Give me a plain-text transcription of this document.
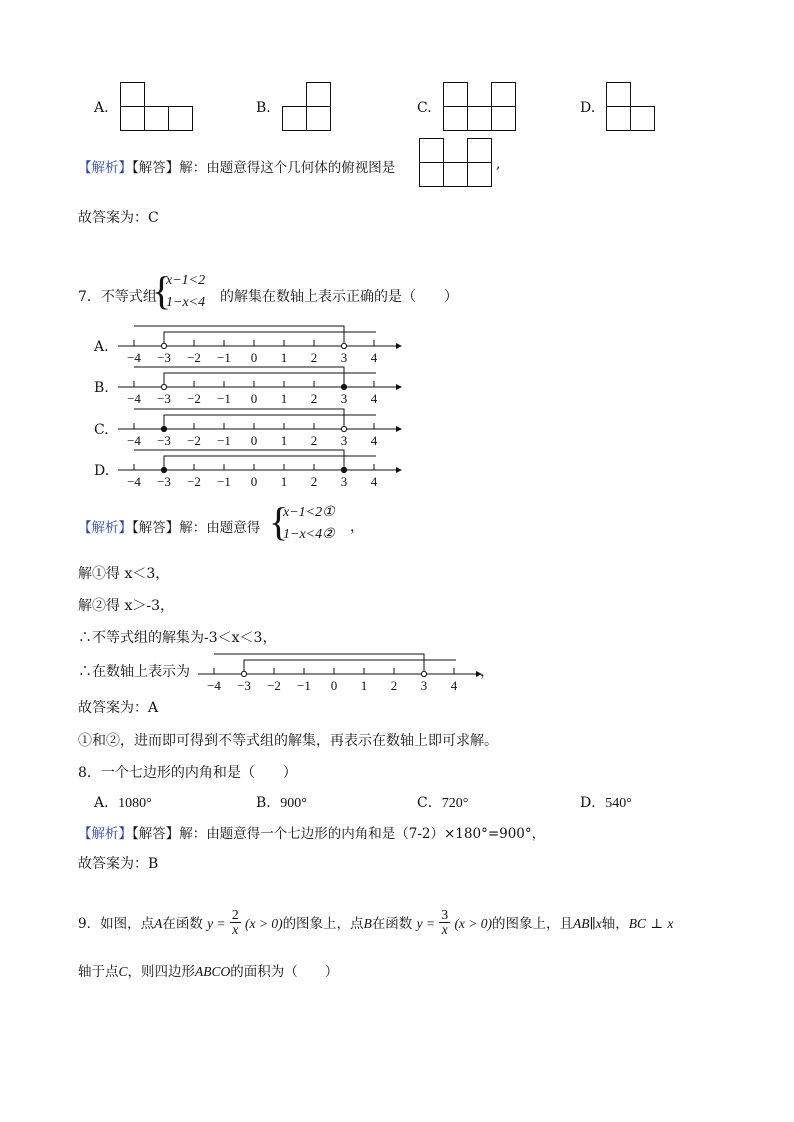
A.	B.	C.	D.
【解析】【解答】解：由题意得这个几何体的俯视图是	,
故答案为：C
7．不等式组
{
x−1<2
1−x<4 的解集在数轴上表示正确的是（　　）
A.
B.
C.
D.
−4 −3 −2 −1 0 1 2 3 4
−4 −3 −2 −1 0 1 2 3 4
−4 −3 −2 −1 0 1 2 3 4
−4 −3 −2 −1 0 1 2 3 4
【解析】【解答】解：由题意得 {
x−1<2①
1−x<4② ，
解①得 x＜3，
解②得 x＞-3，
∴不等式组的解集为-3＜x＜3，
∴在数轴上表示为
−4 −3 −2 −1 0 1 2 3 4
，
故答案为：A
①和②，进而即可得到不等式组的解集，再表示在数轴上即可求解。
8．一个七边形的内角和是（　　）
A．1080°	B．900°	C．720°	D．540°
【解析】【解答】解：由题意得一个七边形的内角和是（7-2）×180°=900°，
故答案为：B
9．如图，点A在函数 $y = \frac{2}{x} (x > 0)$的图象上，点B在函数 $y = \frac{3}{x} (x > 0)$的图象上，且AB∥x轴，BC ⊥ x
轴于点C，则四边形ABCO的面积为（　　）
